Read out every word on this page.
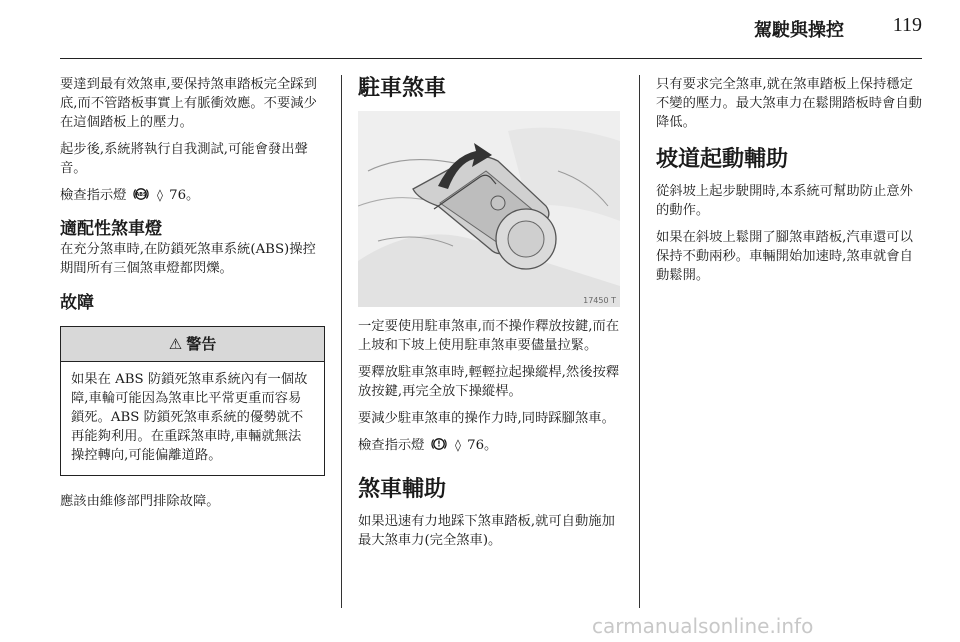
駕駛與操控 119

要達到最有效煞車,要保持煞車踏板完全踩到底,而不管踏板事實上有脈衝效應。不要減少在這個踏板上的壓力。

起步後,系統將執行自我測試,可能會發出聲音。

檢查指示燈 ABS ◊ 76。

適配性煞車燈

在充分煞車時,在防鎖死煞車系統(ABS)操控期間所有三個煞車燈都閃爍。

故障
⚠ 警告
如果在 ABS 防鎖死煞車系統內有一個故障,車輪可能因為煞車比平常更重而容易鎖死。ABS 防鎖死煞車系統的優勢就不再能夠利用。在重踩煞車時,車輛就無法操控轉向,可能偏離道路。

應該由維修部門排除故障。

駐車煞車
17450 T

一定要使用駐車煞車,而不操作釋放按鍵,而在上坡和下坡上使用駐車煞車要儘量拉緊。

要釋放駐車煞車時,輕輕拉起操縱桿,然後按釋放按鍵,再完全放下操縱桿。

要減少駐車煞車的操作力時,同時踩腳煞車。

檢查指示燈 ! ◊ 76。

煞車輔助

如果迅速有力地踩下煞車踏板,就可自動施加最大煞車力(完全煞車)。

只有要求完全煞車,就在煞車踏板上保持穩定不變的壓力。最大煞車力在鬆開踏板時會自動降低。

坡道起動輔助

從斜坡上起步駛開時,本系統可幫助防止意外的動作。

如果在斜坡上鬆開了腳煞車踏板,汽車還可以保持不動兩秒。車輛開始加速時,煞車就會自動鬆開。

carmanualsonline.info
